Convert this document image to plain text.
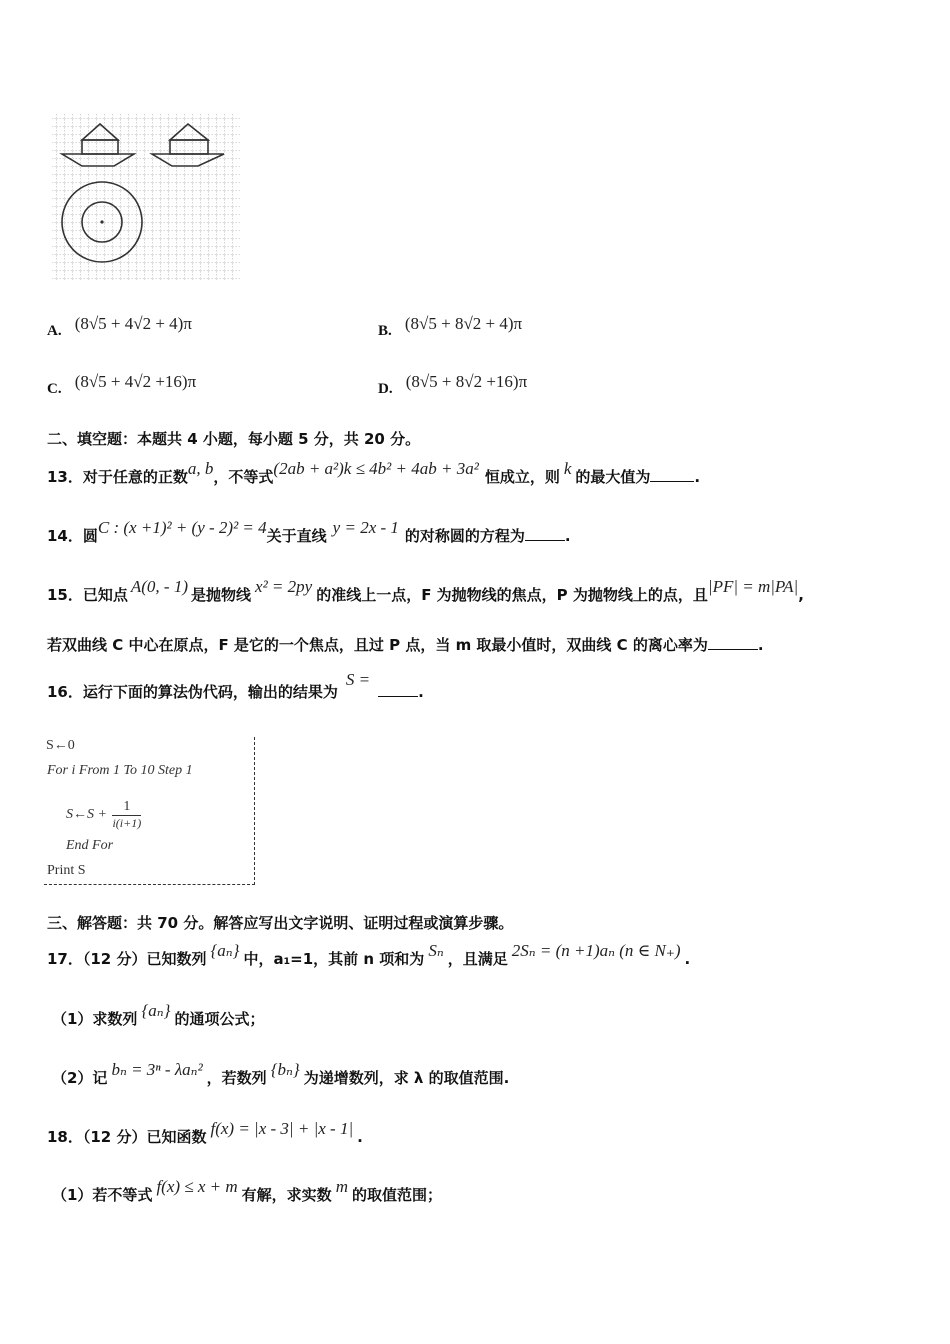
A. (8√5 + 4√2 + 4)π	B. (8√5 + 8√2 + 4)π
C. (8√5 + 4√2 +16)π	D. (8√5 + 8√2 +16)π
二、填空题：本题共 4 小题，每小题 5 分，共 20 分。
13．对于任意的正数a, b，不等式(2ab + a²)k ≤ 4b² + 4ab + 3a² 恒成立，则 k 的最大值为	.
14．圆C : (x +1)² + (y - 2)² = 4关于直线 y = 2x - 1 的对称圆的方程为	.
15．已知点 A(0, - 1) 是抛物线 x² = 2py 的准线上一点，F 为抛物线的焦点，P 为抛物线上的点，且|PF| = m|PA|,
若双曲线 C 中心在原点，F 是它的一个焦点，且过 P 点，当 m 取最小值时，双曲线 C 的离心率为	.
16．运行下面的算法伪代码，输出的结果为S =.
S←0
For i From 1 To 10 Step 1
S←S + $\frac{1}{i(i+1)}$
End For
Print S
三、解答题：共 70 分。解答应写出文字说明、证明过程或演算步骤。
17．（12 分）已知数列 {aₙ} 中，a₁=1，其前 n 项和为 Sₙ ，且满足 2Sₙ = (n +1)aₙ (n ∈ N₊) .
（1）求数列 {aₙ} 的通项公式；
（2）记 bₙ = 3ⁿ - λaₙ² ，若数列 {bₙ} 为递增数列，求 λ 的取值范围.
18．（12 分）已知函数 f(x) = |x - 3| + |x - 1| .
（1）若不等式 f(x) ≤ x + m 有解，求实数 m 的取值范围；
